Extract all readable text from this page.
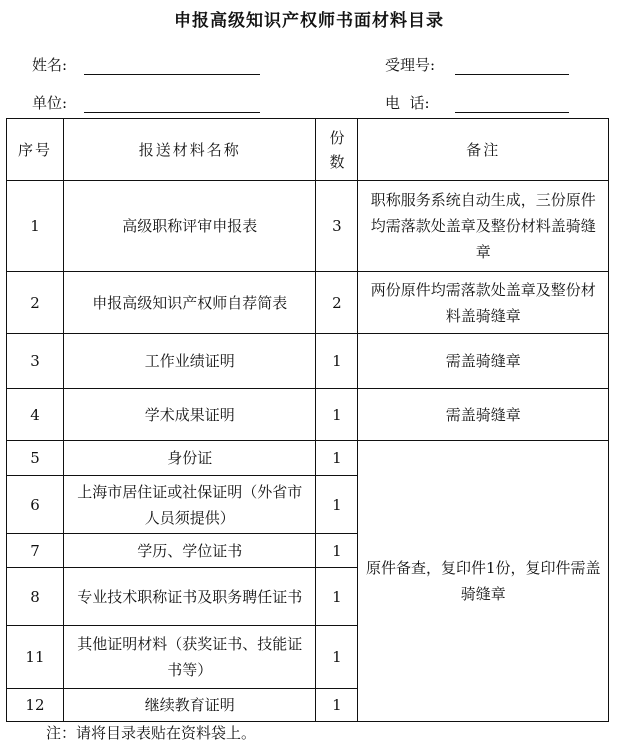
申报高级知识产权师书面材料目录
姓名:	受理号:
单位:	电  话:
序号	报送材料名称	份数	备注
1	高级职称评审申报表	3	职称服务系统自动生成，三份原件均需落款处盖章及整份材料盖骑缝章
2	申报高级知识产权师自荐简表	2	两份原件均需落款处盖章及整份材料盖骑缝章
3	工作业绩证明	1	需盖骑缝章
4	学术成果证明	1	需盖骑缝章
5	身份证	1	原件备查，复印件1份，复印件需盖骑缝章
6	上海市居住证或社保证明（外省市人员须提供）	1	
7	学历、学位证书	1	
8	专业技术职称证书及职务聘任证书	1	
11	其他证明材料（获奖证书、技能证书等）	1	
12	继续教育证明	1	
注：请将目录表贴在资料袋上。
